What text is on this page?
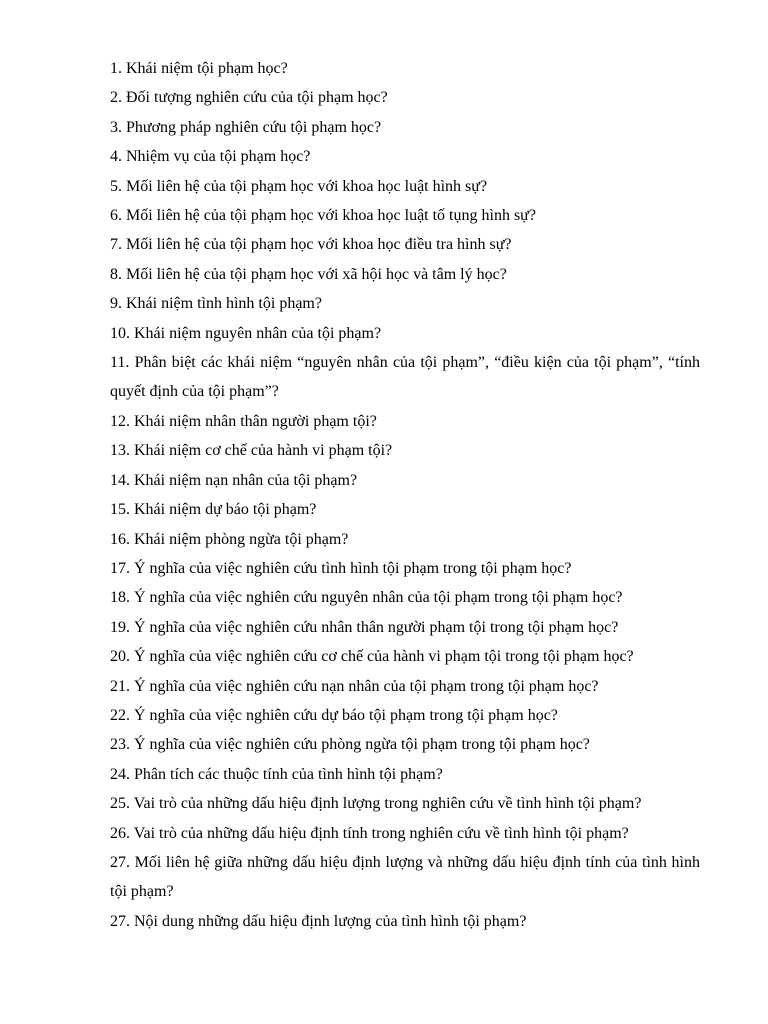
1. Khái niệm tội phạm học?

2. Đối tượng nghiên cứu của tội phạm học?

3. Phương pháp nghiên cứu tội phạm học?

4. Nhiệm vụ của tội phạm học?

5. Mối liên hệ của tội phạm học với khoa học luật hình sự?

6. Mối liên hệ của tội phạm học với khoa học luật tố tụng hình sự?

7. Mối liên hệ của tội phạm học với khoa học điều tra hình sự?

8. Mối liên hệ của tội phạm học với xã hội học và tâm lý học?

9. Khái niệm tình hình tội phạm?

10. Khái niệm nguyên nhân của tội phạm?

11. Phân biệt các khái niệm “nguyên nhân của tội phạm”, “điều kiện của tội phạm”, “tính quyết định của tội phạm”?

12. Khái niệm nhân thân người phạm tội?

13. Khái niệm cơ chế của hành vi phạm tội?

14. Khái niệm nạn nhân của tội phạm?

15. Khái niệm dự báo tội phạm?

16. Khái niệm phòng ngừa tội phạm?

17. Ý nghĩa của việc nghiên cứu tình hình tội phạm trong tội phạm học?

18. Ý nghĩa của việc nghiên cứu nguyên nhân của tội phạm trong tội phạm học?

19. Ý nghĩa của việc nghiên cứu nhân thân người phạm tội trong tội phạm học?

20. Ý nghĩa của việc nghiên cứu cơ chế của hành vi phạm tội trong tội phạm học?

21. Ý nghĩa của việc nghiên cứu nạn nhân của tội phạm trong tội phạm học?

22. Ý nghĩa của việc nghiên cứu dự báo tội phạm trong tội phạm học?

23. Ý nghĩa của việc nghiên cứu phòng ngừa tội phạm trong tội phạm học?

24. Phân tích các thuộc tính của tình hình tội phạm?

25. Vai trò của những dấu hiệu định lượng trong nghiên cứu về tình hình tội phạm?

26. Vai trò của những dấu hiệu định tính trong nghiên cứu về tình hình tội phạm?

27. Mối liên hệ giữa những dấu hiệu định lượng và những dấu hiệu định tính của tình hình tội phạm?

27. Nội dung những dấu hiệu định lượng của tình hình tội phạm?
